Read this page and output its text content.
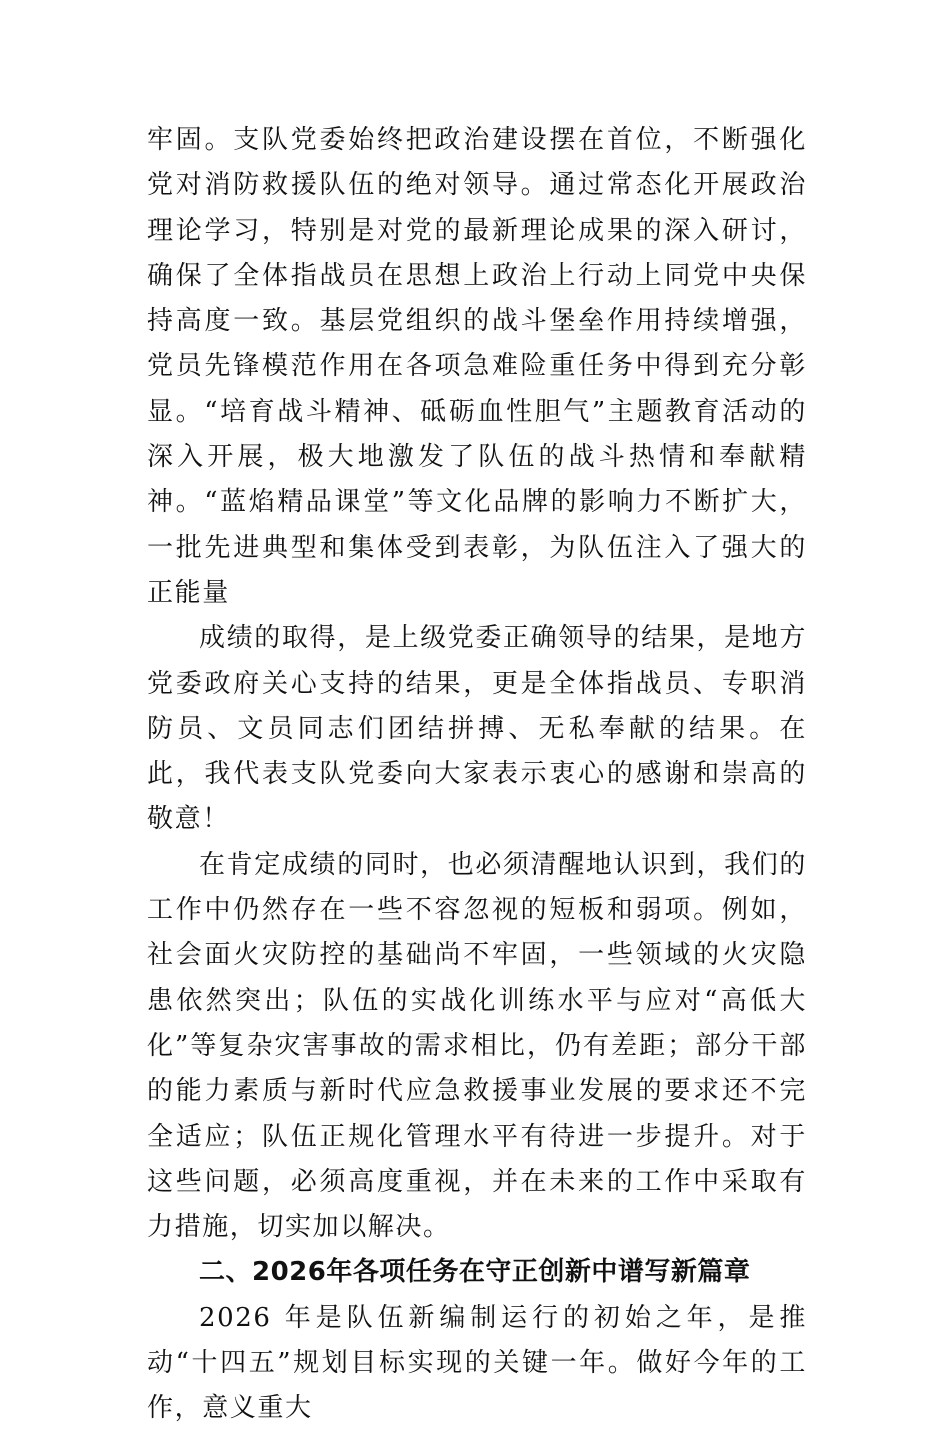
牢固。支队党委始终把政治建设摆在首位，不断强化党对消防救援队伍的绝对领导。通过常态化开展政治理论学习，特别是对党的最新理论成果的深入研讨，确保了全体指战员在思想上政治上行动上同党中央保持高度一致。基层党组织的战斗堡垒作用持续增强，党员先锋模范作用在各项急难险重任务中得到充分彰显。“培育战斗精神、砥砺血性胆气”主题教育活动的深入开展，极大地激发了队伍的战斗热情和奉献精神。“蓝焰精品课堂”等文化品牌的影响力不断扩大，一批先进典型和集体受到表彰，为队伍注入了强大的正能量

成绩的取得，是上级党委正确领导的结果，是地方党委政府关心支持的结果，更是全体指战员、专职消防员、文员同志们团结拼搏、无私奉献的结果。在此，我代表支队党委向大家表示衷心的感谢和崇高的敬意！

在肯定成绩的同时，也必须清醒地认识到，我们的工作中仍然存在一些不容忽视的短板和弱项。例如，社会面火灾防控的基础尚不牢固，一些领域的火灾隐患依然突出；队伍的实战化训练水平与应对“高低大化”等复杂灾害事故的需求相比，仍有差距；部分干部的能力素质与新时代应急救援事业发展的要求还不完全适应；队伍正规化管理水平有待进一步提升。对于这些问题，必须高度重视，并在未来的工作中采取有力措施，切实加以解决。

二、2026年各项任务在守正创新中谱写新篇章

2026 年是队伍新编制运行的初始之年，是推动“十四五”规划目标实现的关键一年。做好今年的工作，意义重大
